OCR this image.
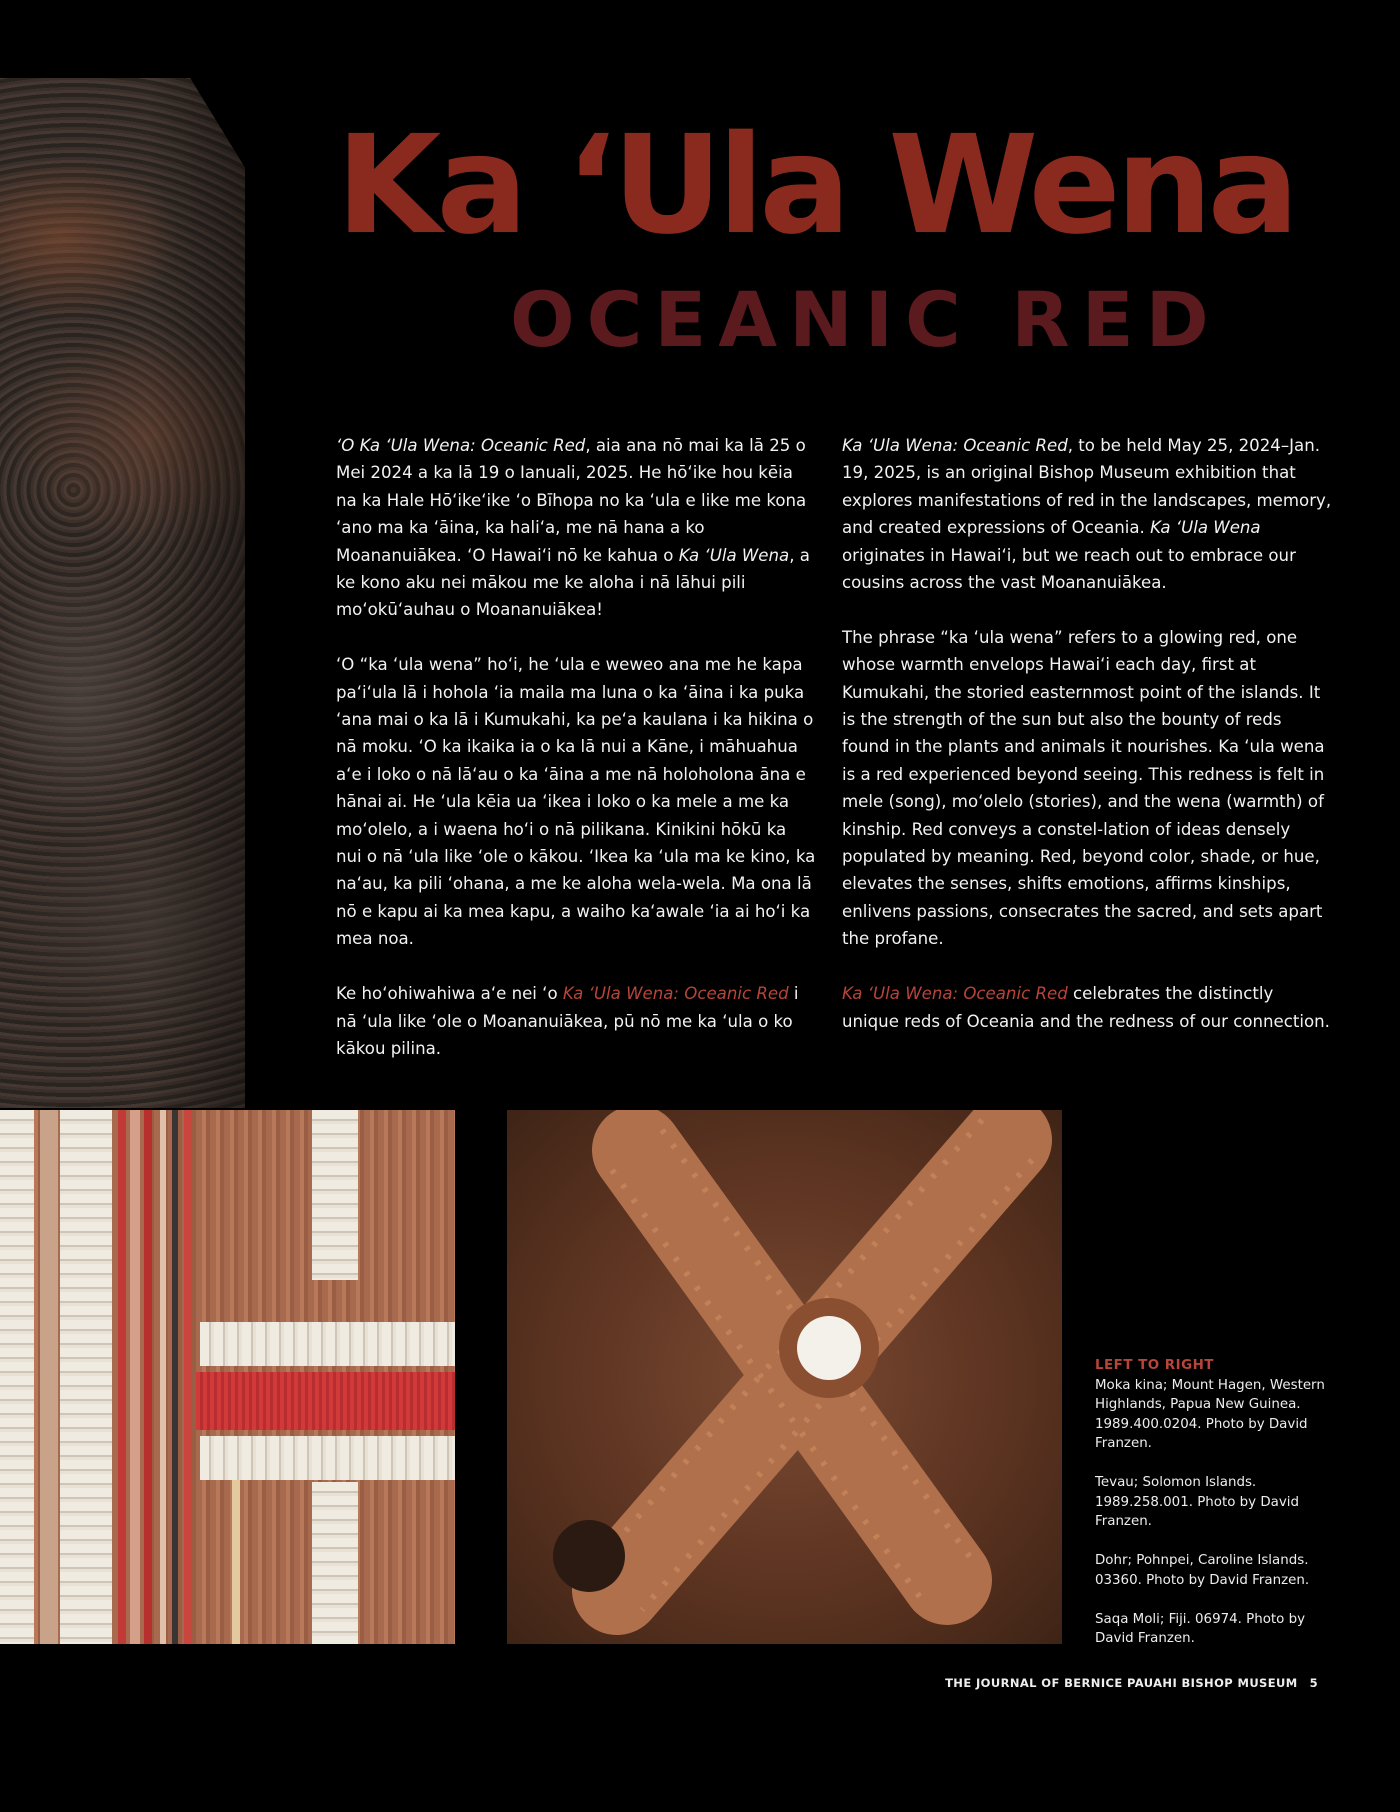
Ka ‘Ula Wena
OCEANIC RED

‘O Ka ‘Ula Wena: Oceanic Red, aia ana nō mai ka lā 25 o Mei 2024 a ka lā 19 o Ianuali, 2025. He hōʻike hou kēia na ka Hale Hōʻikeʻike ʻo Bīhopa no ka ʻula e like me kona ʻano ma ka ʻāina, ka haliʻa, me nā hana a ko Moananuiākea. ʻO Hawaiʻi nō ke kahua o Ka ʻUla Wena, a ke kono aku nei mākou me ke aloha i nā lāhui pili moʻokūʻauhau o Moananuiākea!

ʻO “ka ʻula wena” hoʻi, he ʻula e weweo ana me he kapa paʻiʻula lā i hohola ʻia maila ma luna o ka ʻāina i ka puka ʻana mai o ka lā i Kumukahi, ka peʻa kaulana i ka hikina o nā moku. ʻO ka ikaika ia o ka lā nui a Kāne, i māhuahua aʻe i loko o nā lāʻau o ka ʻāina a me nā holoholona āna e hānai ai. He ʻula kēia ua ʻikea i loko o ka mele a me ka moʻolelo, a i waena hoʻi o nā pilikana. Kinikini hōkū ka nui o nā ʻula like ʻole o kākou. ʻIkea ka ʻula ma ke kino, ka naʻau, ka pili ʻohana, a me ke aloha wela-wela. Ma ona lā nō e kapu ai ka mea kapu, a waiho kaʻawale ʻia ai hoʻi ka mea noa.

Ke hoʻohiwahiwa aʻe nei ʻo Ka ʻUla Wena: Oceanic Red i nā ʻula like ʻole o Moananuiākea, pū nō me ka ʻula o ko kākou pilina.

Ka ʻUla Wena: Oceanic Red, to be held May 25, 2024–Jan. 19, 2025, is an original Bishop Museum exhibition that explores manifestations of red in the landscapes, memory, and created expressions of Oceania. Ka ʻUla Wena originates in Hawaiʻi, but we reach out to embrace our cousins across the vast Moananuiākea.

The phrase “ka ʻula wena” refers to a glowing red, one whose warmth envelops Hawaiʻi each day, first at Kumukahi, the storied easternmost point of the islands. It is the strength of the sun but also the bounty of reds found in the plants and animals it nourishes. Ka ʻula wena is a red experienced beyond seeing. This redness is felt in mele (song), moʻolelo (stories), and the wena (warmth) of kinship. Red conveys a constel-lation of ideas densely populated by meaning. Red, beyond color, shade, or hue, elevates the senses, shifts emotions, affirms kinships, enlivens passions, consecrates the sacred, and sets apart the profane.

Ka ʻUla Wena: Oceanic Red celebrates the distinctly unique reds of Oceania and the redness of our connection.

LEFT TO RIGHT

Moka kina; Mount Hagen, Western Highlands, Papua New Guinea. 1989.400.0204. Photo by David Franzen.

Tevau; Solomon Islands. 1989.258.001. Photo by David Franzen.

Dohr; Pohnpei, Caroline Islands. 03360. Photo by David Franzen.

Saqa Moli; Fiji. 06974. Photo by David Franzen.

THE JOURNAL OF BERNICE PAUAHI BISHOP MUSEUM 5
